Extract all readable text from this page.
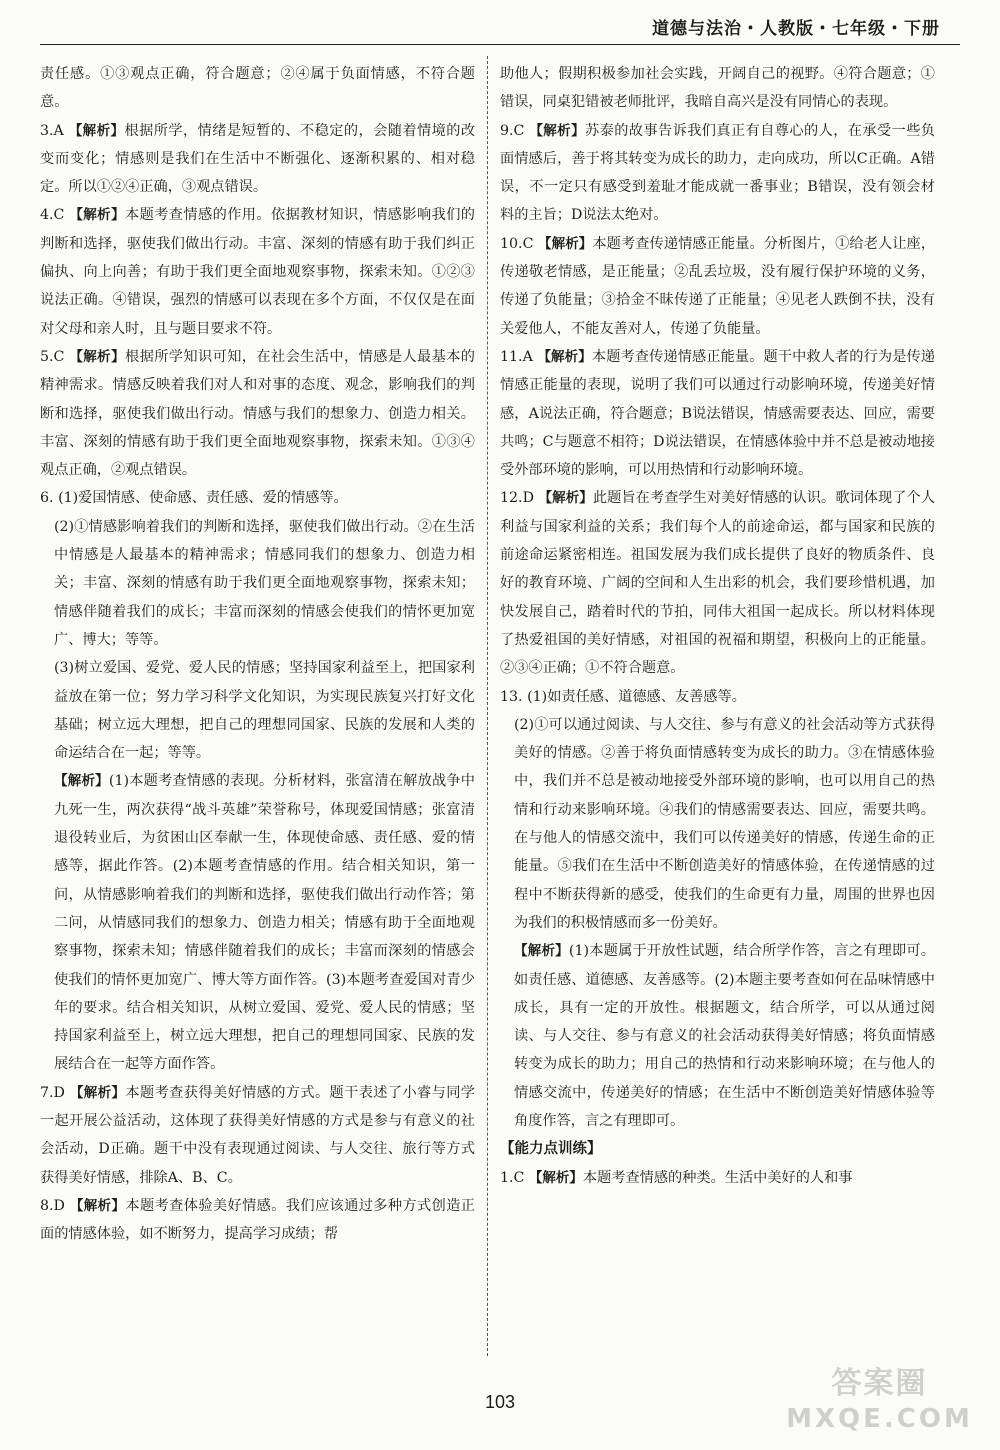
道德与法治・人教版・七年级・下册

责任感。①③观点正确，符合题意；②④属于负面情感，不符合题意。

3.A 【解析】根据所学，情绪是短暂的、不稳定的，会随着情境的改变而变化；情感则是我们在生活中不断强化、逐渐积累的、相对稳定。所以①②④正确，③观点错误。

4.C 【解析】本题考查情感的作用。依据教材知识，情感影响我们的判断和选择，驱使我们做出行动。丰富、深刻的情感有助于我们纠正偏执、向上向善；有助于我们更全面地观察事物，探索未知。①②③说法正确。④错误，强烈的情感可以表现在多个方面，不仅仅是在面对父母和亲人时，且与题目要求不符。

5.C 【解析】根据所学知识可知，在社会生活中，情感是人最基本的精神需求。情感反映着我们对人和对事的态度、观念，影响我们的判断和选择，驱使我们做出行动。情感与我们的想象力、创造力相关。丰富、深刻的情感有助于我们更全面地观察事物，探索未知。①③④观点正确，②观点错误。

6. (1)爱国情感、使命感、责任感、爱的情感等。

(2)①情感影响着我们的判断和选择，驱使我们做出行动。②在生活中情感是人最基本的精神需求；情感同我们的想象力、创造力相关；丰富、深刻的情感有助于我们更全面地观察事物，探索未知；情感伴随着我们的成长；丰富而深刻的情感会使我们的情怀更加宽广、博大；等等。

(3)树立爱国、爱党、爱人民的情感；坚持国家利益至上，把国家利益放在第一位；努力学习科学文化知识，为实现民族复兴打好文化基础；树立远大理想，把自己的理想同国家、民族的发展和人类的命运结合在一起；等等。

【解析】(1)本题考查情感的表现。分析材料，张富清在解放战争中九死一生，两次获得“战斗英雄”荣誉称号，体现爱国情感；张富清退役转业后，为贫困山区奉献一生，体现使命感、责任感、爱的情感等，据此作答。(2)本题考查情感的作用。结合相关知识，第一问，从情感影响着我们的判断和选择，驱使我们做出行动作答；第二问，从情感同我们的想象力、创造力相关；情感有助于全面地观察事物，探索未知；情感伴随着我们的成长；丰富而深刻的情感会使我们的情怀更加宽广、博大等方面作答。(3)本题考查爱国对青少年的要求。结合相关知识，从树立爱国、爱党、爱人民的情感；坚持国家利益至上，树立远大理想，把自己的理想同国家、民族的发展结合在一起等方面作答。

7.D 【解析】本题考查获得美好情感的方式。题干表述了小睿与同学一起开展公益活动，这体现了获得美好情感的方式是参与有意义的社会活动，D正确。题干中没有表现通过阅读、与人交往、旅行等方式获得美好情感，排除A、B、C。

8.D 【解析】本题考查体验美好情感。我们应该通过多种方式创造正面的情感体验，如不断努力，提高学习成绩；帮

助他人；假期积极参加社会实践，开阔自己的视野。④符合题意；①错误，同桌犯错被老师批评，我暗自高兴是没有同情心的表现。

9.C 【解析】苏泰的故事告诉我们真正有自尊心的人，在承受一些负面情感后，善于将其转变为成长的助力，走向成功，所以C正确。A错误，不一定只有感受到羞耻才能成就一番事业；B错误，没有领会材料的主旨；D说法太绝对。

10.C 【解析】本题考查传递情感正能量。分析图片，①给老人让座，传递敬老情感，是正能量；②乱丢垃圾，没有履行保护环境的义务，传递了负能量；③拾金不昧传递了正能量；④见老人跌倒不扶，没有关爱他人，不能友善对人，传递了负能量。

11.A 【解析】本题考查传递情感正能量。题干中救人者的行为是传递情感正能量的表现，说明了我们可以通过行动影响环境，传递美好情感，A说法正确，符合题意；B说法错误，情感需要表达、回应，需要共鸣；C与题意不相符；D说法错误，在情感体验中并不总是被动地接受外部环境的影响，可以用热情和行动影响环境。

12.D 【解析】此题旨在考查学生对美好情感的认识。歌词体现了个人利益与国家利益的关系；我们每个人的前途命运，都与国家和民族的前途命运紧密相连。祖国发展为我们成长提供了良好的物质条件、良好的教育环境、广阔的空间和人生出彩的机会，我们要珍惜机遇，加快发展自己，踏着时代的节拍，同伟大祖国一起成长。所以材料体现了热爱祖国的美好情感，对祖国的祝福和期望，积极向上的正能量。②③④正确；①不符合题意。

13. (1)如责任感、道德感、友善感等。

(2)①可以通过阅读、与人交往、参与有意义的社会活动等方式获得美好的情感。②善于将负面情感转变为成长的助力。③在情感体验中，我们并不总是被动地接受外部环境的影响，也可以用自己的热情和行动来影响环境。④我们的情感需要表达、回应，需要共鸣。在与他人的情感交流中，我们可以传递美好的情感，传递生命的正能量。⑤我们在生活中不断创造美好的情感体验，在传递情感的过程中不断获得新的感受，使我们的生命更有力量，周围的世界也因为我们的积极情感而多一份美好。

【解析】(1)本题属于开放性试题，结合所学作答，言之有理即可。如责任感、道德感、友善感等。(2)本题主要考查如何在品味情感中成长，具有一定的开放性。根据题文，结合所学，可以从通过阅读、与人交往、参与有意义的社会活动获得美好情感；将负面情感转变为成长的助力；用自己的热情和行动来影响环境；在与他人的情感交流中，传递美好的情感；在生活中不断创造美好情感体验等角度作答，言之有理即可。

【能力点训练】

1.C 【解析】本题考查情感的种类。生活中美好的人和事

103
答案圈
MXQE.COM
